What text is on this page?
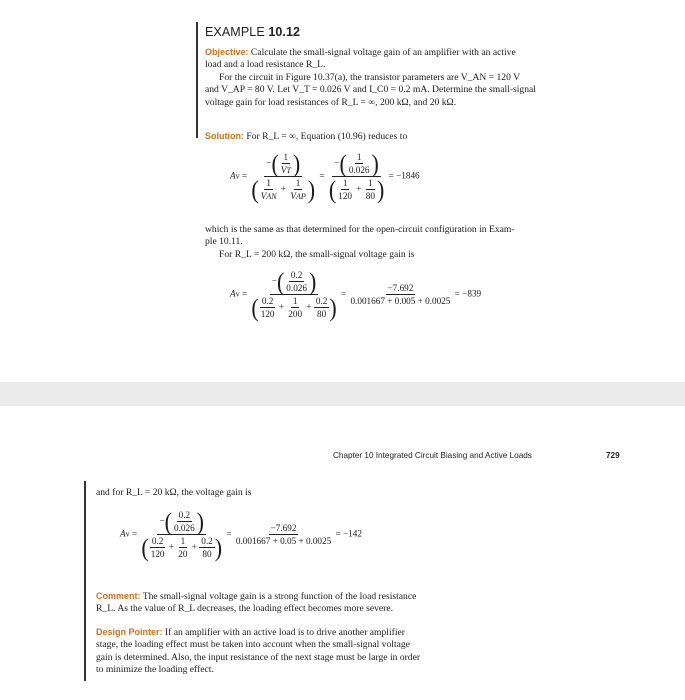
EXAMPLE 10.12
Objective: Calculate the small-signal voltage gain of an amplifier with an active
load and a load resistance R_L.
For the circuit in Figure 10.37(a), the transistor parameters are V_AN = 120 V
and V_AP = 80 V. Let V_T = 0.026 V and I_C0 = 0.2 mA. Determine the small-signal
voltage gain for load resistances of R_L = ∞, 200 kΩ, and 20 kΩ.
Solution: For R_L = ∞, Equation (10.96) reduces to
$Av = \frac{-( \frac{1}{VT} )}{( \frac{1}{\text{VAN}} + \frac{1}{\text{VAP}} )} = \frac{-( \frac{1}{0.026} )}{( \frac{1}{120} + \frac{1}{80} )} = -1846$
which is the same as that determined for the open-circuit configuration in Exam-
ple 10.11.
For R_L = 200 kΩ, the small-signal voltage gain is
$Av = \frac{-( \frac{0.2}{0.026} )}{( \frac{0.2}{120} + \frac{1}{200} + \frac{0.2}{80} )} = \frac{-7.692}{0.001667 + 0.005 + 0.0025} = -839$
Chapter 10 Integrated Circuit Biasing and Active Loads	729
and for R_L = 20 kΩ, the voltage gain is
$Av = \frac{-( \frac{0.2}{0.026} )}{( \frac{0.2}{120} + \frac{1}{20} + \frac{0.2}{80} )} = \frac{-7.692}{0.001667 + 0.05 + 0.0025} = -142$
Comment: The small-signal voltage gain is a strong function of the load resistance
R_L. As the value of R_L decreases, the loading effect becomes more severe.
Design Pointer: If an amplifier with an active load is to drive another amplifier
stage, the loading effect must be taken into account when the small-signal voltage
gain is determined. Also, the input resistance of the next stage must be large in order
to minimize the loading effect.
